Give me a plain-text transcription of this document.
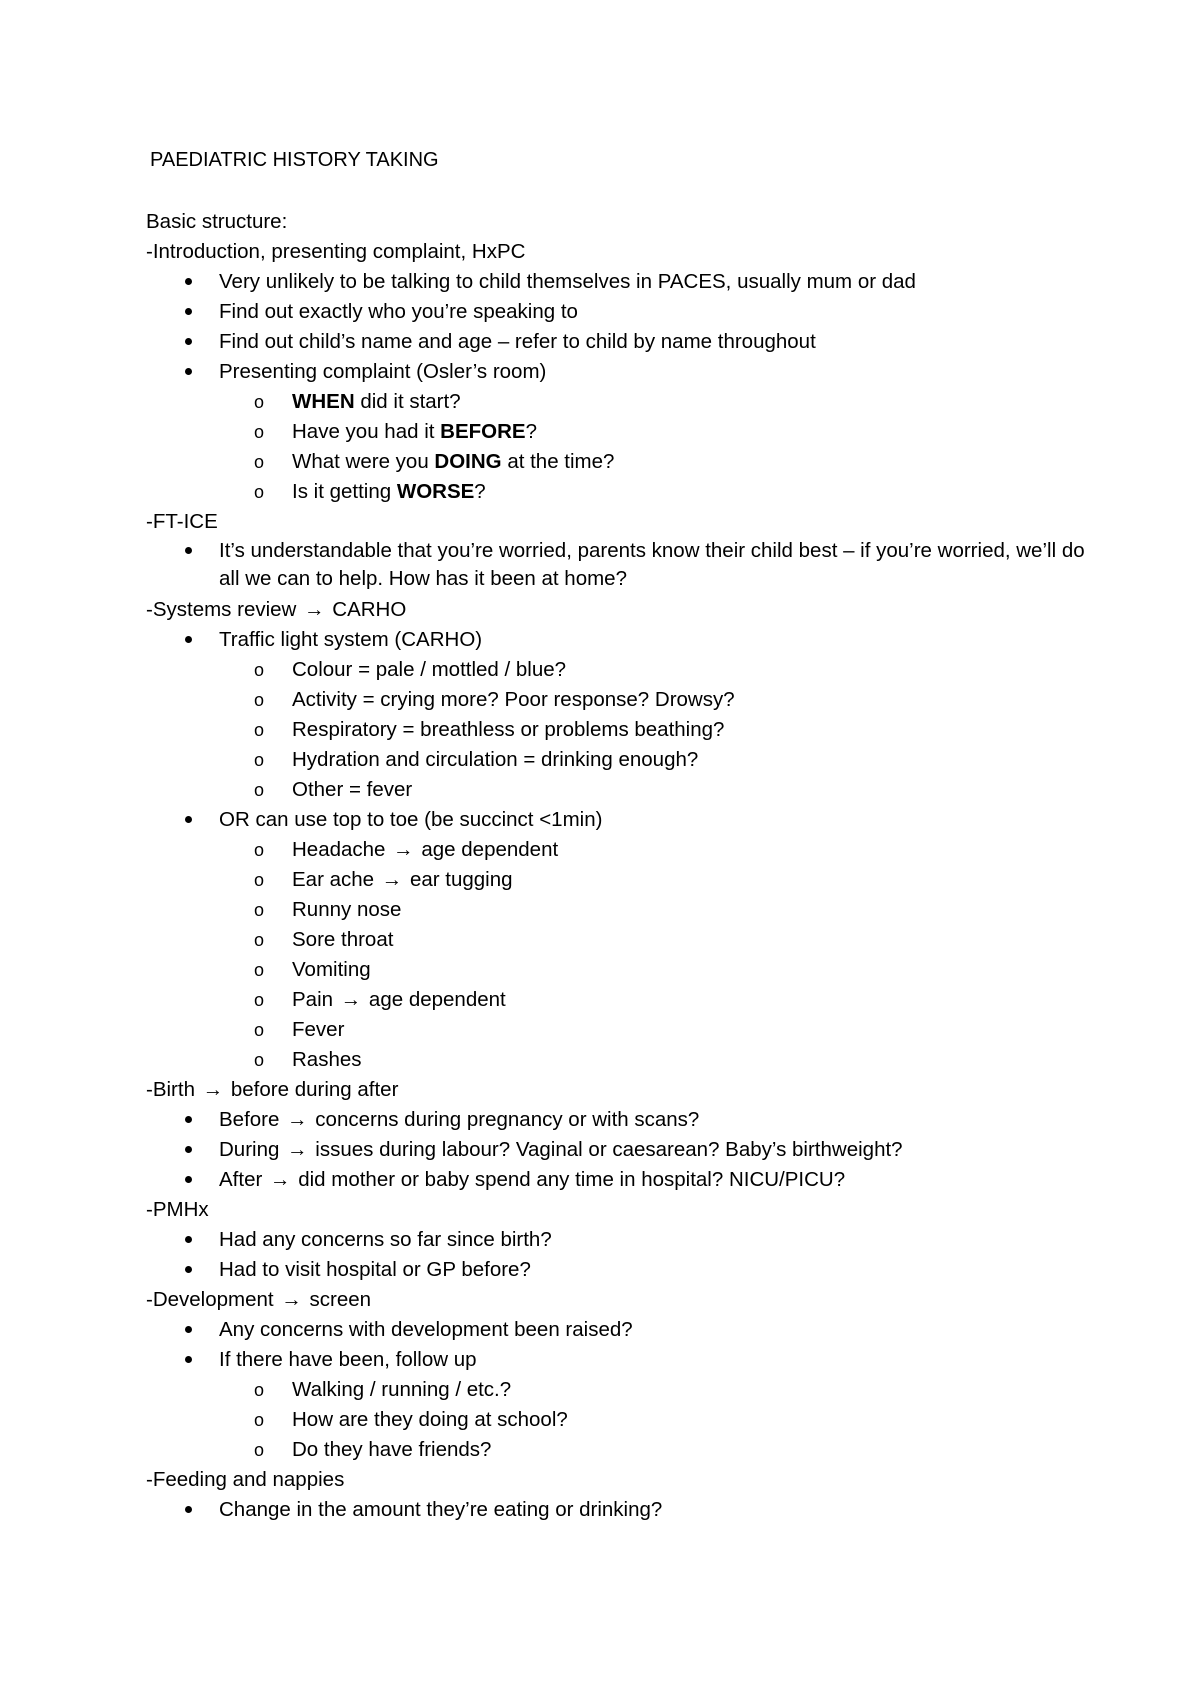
PAEDIATRIC HISTORY TAKING
Basic structure:
-Introduction, presenting complaint, HxPC
Very unlikely to be talking to child themselves in PACES, usually mum or dad
Find out exactly who you’re speaking to
Find out child’s name and age – refer to child by name throughout
Presenting complaint (Osler’s room)
o WHEN did it start?
o Have you had it BEFORE?
o What were you DOING at the time?
o Is it getting WORSE?
-FT-ICE
It’s understandable that you’re worried, parents know their child best – if you’re worried, we’ll do all we can to help. How has it been at home?
-Systems review → CARHO
Traffic light system (CARHO)
o Colour = pale / mottled / blue?
o Activity = crying more? Poor response? Drowsy?
o Respiratory = breathless or problems beathing?
o Hydration and circulation = drinking enough?
o Other = fever
OR can use top to toe (be succinct <1min)
o Headache → age dependent
o Ear ache → ear tugging
o Runny nose
o Sore throat
o Vomiting
o Pain → age dependent
o Fever
o Rashes
-Birth → before during after
Before → concerns during pregnancy or with scans?
During → issues during labour? Vaginal or caesarean? Baby’s birthweight?
After → did mother or baby spend any time in hospital? NICU/PICU?
-PMHx
Had any concerns so far since birth?
Had to visit hospital or GP before?
-Development → screen
Any concerns with development been raised?
If there have been, follow up
o Walking / running / etc.?
o How are they doing at school?
o Do they have friends?
-Feeding and nappies
Change in the amount they’re eating or drinking?
